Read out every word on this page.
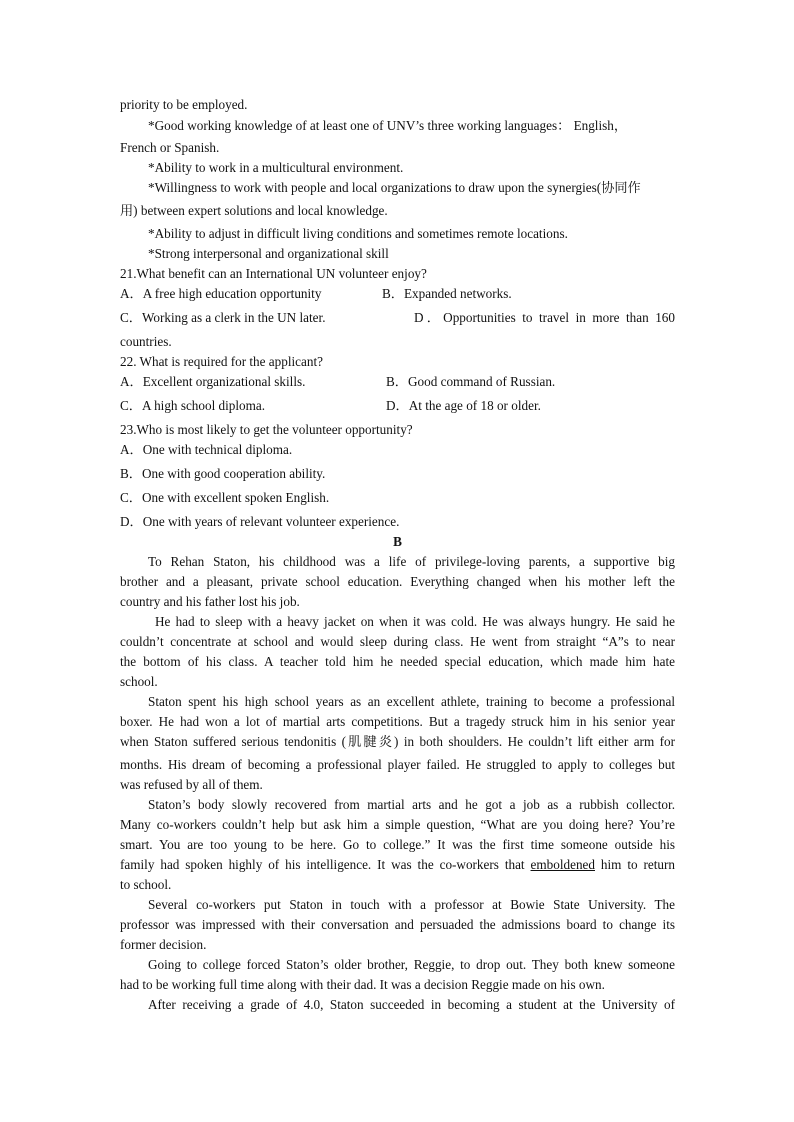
priority to be employed.
*Good working knowledge of at least one of UNV’s three working languages： English，
French or Spanish.
*Ability to work in a multicultural environment.
*Willingness to work with people and local organizations to draw upon the synergies(协同作
用) between expert solutions and local knowledge.
*Ability to adjust in difficult living conditions and sometimes remote locations.
*Strong interpersonal and organizational skill
21.What benefit can an International UN volunteer enjoy?
A．A free high education opportunity	B．Expanded networks.
C．Working as a clerk in the UN later.	D．Opportunities to travel in more than 160
countries.
22. What is required for the applicant?
A．Excellent organizational skills.	B．Good command of Russian.
C．A high school diploma.	D．At the age of 18 or older.
23.Who is most likely to get the volunteer opportunity?
A．One with technical diploma.
B．One with good cooperation ability.
C．One with excellent spoken English.
D．One with years of relevant volunteer experience.
B
To Rehan Staton, his childhood was a life of privilege-loving parents, a supportive big
brother and a pleasant, private school education. Everything changed when his mother left the
country and his father lost his job.
He had to sleep with a heavy jacket on when it was cold. He was always hungry. He said he
couldn’t concentrate at school and would sleep during class. He went from straight “A”s to near
the bottom of his class. A teacher told him he needed special education, which made him hate
school.
Staton spent his high school years as an excellent athlete, training to become a professional
boxer. He had won a lot of martial arts competitions. But a tragedy struck him in his senior year
when Staton suffered serious tendonitis (肌腱炎) in both shoulders. He couldn’t lift either arm for
months. His dream of becoming a professional player failed. He struggled to apply to colleges but
was refused by all of them.
Staton’s body slowly recovered from martial arts and he got a job as a rubbish collector.
Many co-workers couldn’t help but ask him a simple question, “What are you doing here? You’re
smart. You are too young to be here. Go to college.” It was the first time someone outside his
family had spoken highly of his intelligence. It was the co-workers that emboldened him to return
to school.
Several co-workers put Staton in touch with a professor at Bowie State University. The
professor was impressed with their conversation and persuaded the admissions board to change its
former decision.
Going to college forced Staton’s older brother, Reggie, to drop out. They both knew someone
had to be working full time along with their dad. It was a decision Reggie made on his own.
After receiving a grade of 4.0, Staton succeeded in becoming a student at the University of
